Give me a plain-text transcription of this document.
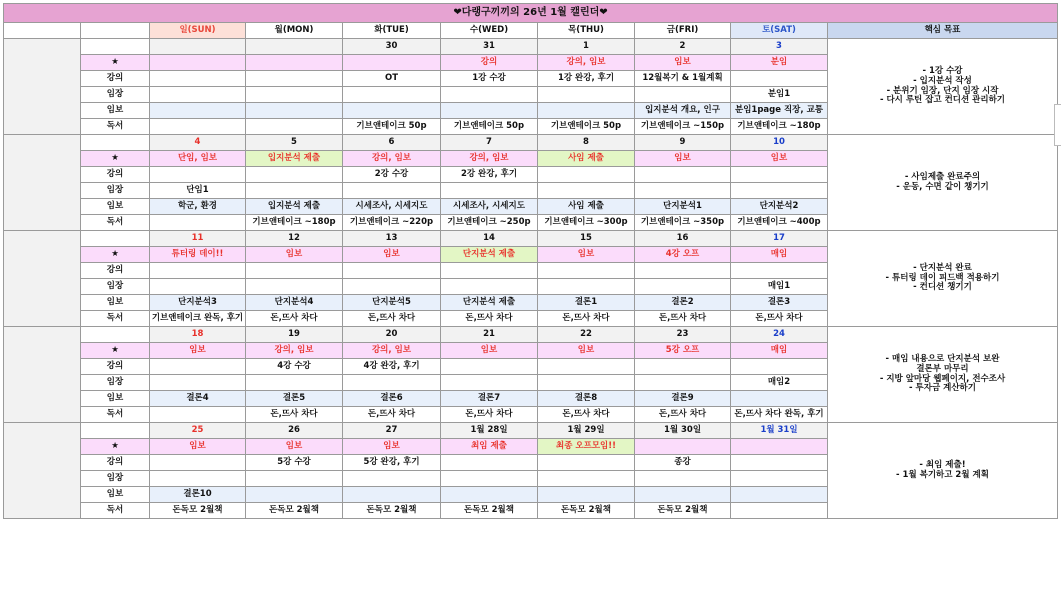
❤다랭구끼끼의 26년 1월 캘린더❤									
		일(SUN)	월(MON)	화(TUE)	수(WED)	목(THU)	금(FRI)	토(SAT)	핵심 목표
				30	31	1	2	3	- 1강 수강
- 입지분석 작성
- 분위기 임장, 단지 임장 시작
- 다시 루틴 잡고 컨디션 관리하기

	★				강의	강의, 임보	임보	분임	
	강의			OT	1강 수강	1강 완강, 후기	12월복기 & 1월계획		
	임장							분임1	
	임보						입지분석 개요, 인구	분임1page 직장, 교통	
	독서			기브앤테이크 50p	기브앤테이크 50p	기브앤테이크 50p	기브앤테이크 ~150p	기브앤테이크 ~180p	
		4	5	6	7	8	9	10	- 사임제출 완료주의
- 운동, 수면 같이 챙기기

	★	단임, 임보	입지분석 제출	강의, 임보	강의, 임보	사임 제출	임보	임보	
	강의			2강 수강	2강 완강, 후기				
	임장	단임1							
	임보	학군, 환경	입지분석 제출	시세조사, 시세지도	시세조사, 시세지도	사임 제출	단지분석1	단지분석2	
	독서		기브앤테이크 ~180p	기브앤테이크 ~220p	기브앤테이크 ~250p	기브앤테이크 ~300p	기브앤테이크 ~350p	기브앤테이크 ~400p	
		11	12	13	14	15	16	17	- 단지분석 완료
- 튜터링 데이 피드백 적용하기
- 컨디션 챙기기

	★	튜터링 데이!!	임보	임보	단지분석 제출	임보	4강 오프	매임	
	강의								
	임장							매임1	
	임보	단지분석3	단지분석4	단지분석5	단지분석 제출	결론1	결론2	결론3	
	독서	기브앤테이크 완독, 후기	돈,뜨사 차다	돈,뜨사 차다	돈,뜨사 차다	돈,뜨사 차다	돈,뜨사 차다	돈,뜨사 차다	
		18	19	20	21	22	23	24	- 매임 내용으로 단지분석 보완
결론부 마무리
- 지방 앞마당 웹페이지, 전수조사
- 투자금 계산하기

	★	임보	강의, 임보	강의, 임보	임보	임보	5강 오프	매임	
	강의		4강 수강	4강 완강, 후기					
	임장							매임2	
	임보	결론4	결론5	결론6	결론7	결론8	결론9		
	독서		돈,뜨사 차다	돈,뜨사 차다	돈,뜨사 차다	돈,뜨사 차다	돈,뜨사 차다	돈,뜨사 차다 완독, 후기	
		25	26	27	1월 28일	1월 29일	1월 30일	1월 31일	- 최임 제출!
- 1월 복기하고 2월 계획

	★	임보	임보	임보	최임 제출	최종 오프모임!!			
	강의		5강 수강	5강 완강, 후기			종강		
	임장								
	임보	결론10							
	독서	돈독모 2월책	돈독모 2월책	돈독모 2월책	돈독모 2월책	돈독모 2월책	돈독모 2월책		
